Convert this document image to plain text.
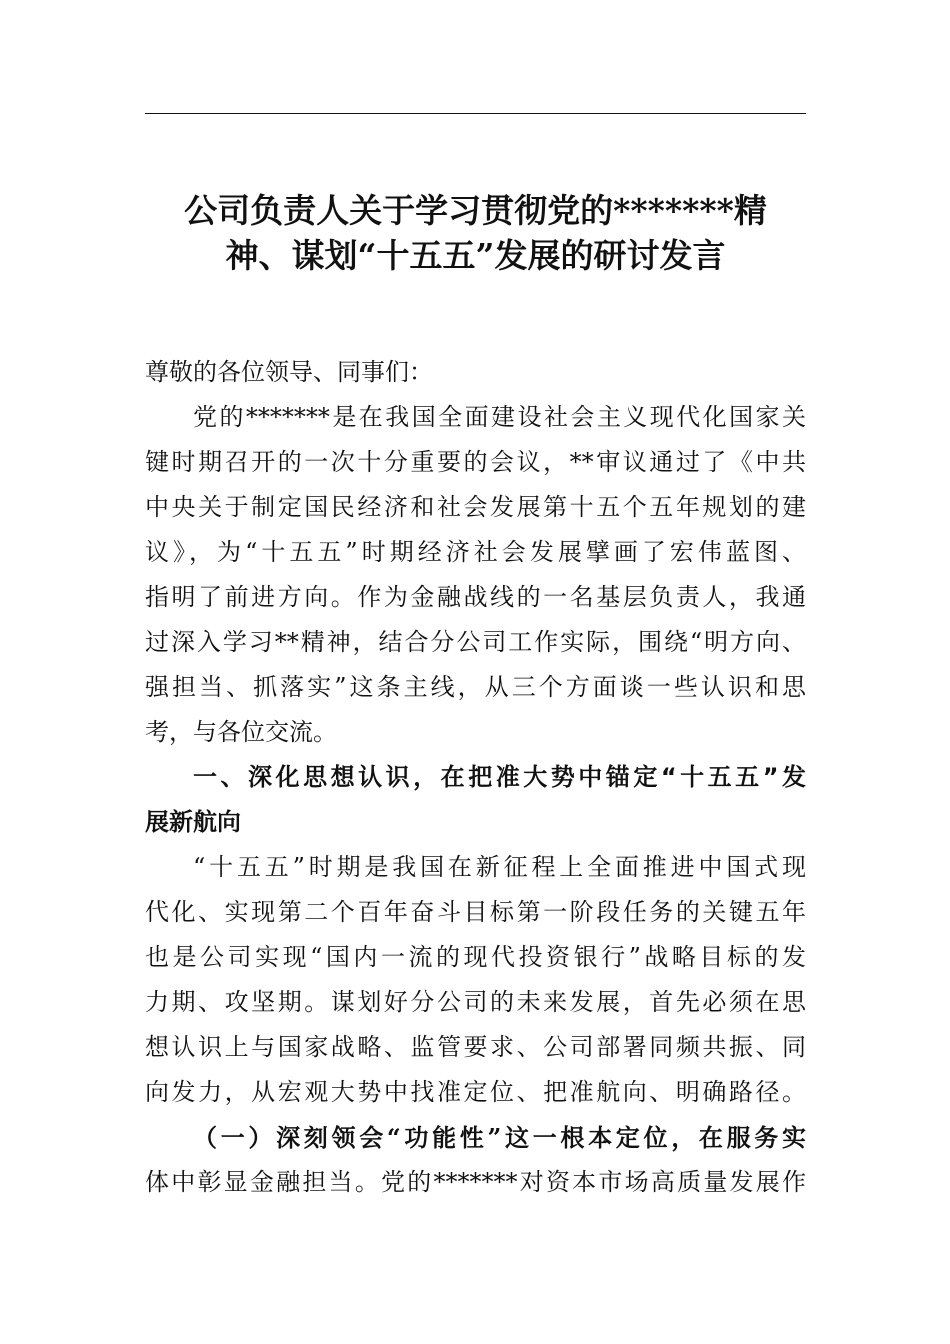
公司负责人关于学习贯彻党的*******精
神、谋划“十五五”发展的研讨发言
尊敬的各位领导、同事们：
党的*******是在我国全面建设社会主义现代化国家关
键时期召开的一次十分重要的会议，**审议通过了《中共
中央关于制定国民经济和社会发展第十五个五年规划的建
议》，为“十五五”时期经济社会发展擘画了宏伟蓝图、
指明了前进方向。作为金融战线的一名基层负责人，我通
过深入学习**精神，结合分公司工作实际，围绕“明方向、
强担当、抓落实”这条主线，从三个方面谈一些认识和思
考，与各位交流。
一、深化思想认识，在把准大势中锚定“十五五”发
展新航向
“十五五”时期是我国在新征程上全面推进中国式现
代化、实现第二个百年奋斗目标第一阶段任务的关键五年
也是公司实现“国内一流的现代投资银行”战略目标的发
力期、攻坚期。谋划好分公司的未来发展，首先必须在思
想认识上与国家战略、监管要求、公司部署同频共振、同
向发力，从宏观大势中找准定位、把准航向、明确路径。
（一）深刻领会“功能性”这一根本定位，在服务实
体中彰显金融担当。党的*******对资本市场高质量发展作
